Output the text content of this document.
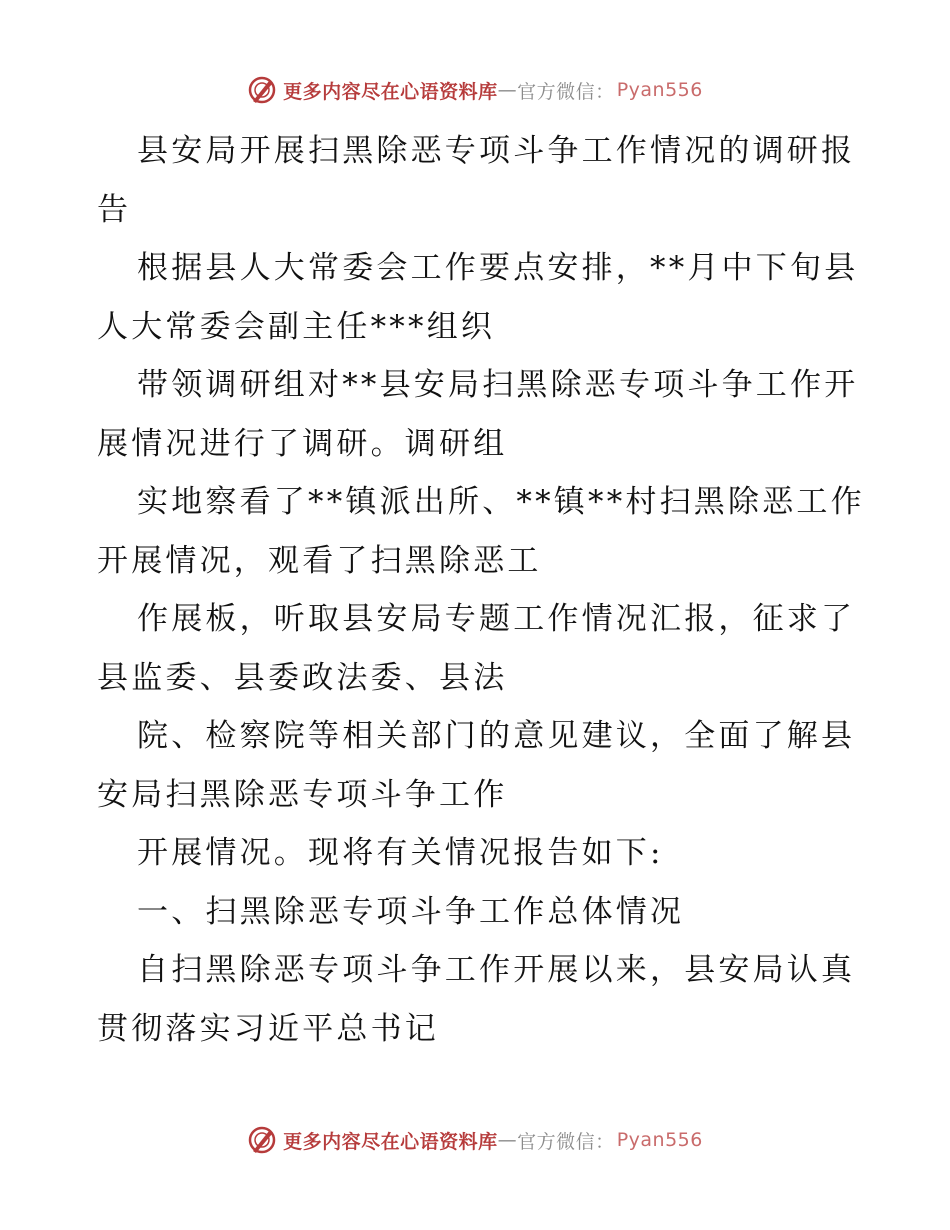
更多内容尽在心语资料库 — 官方微信： Pyan556
县安局开展扫黑除恶专项斗争工作情况的调研报
告
根据县人大常委会工作要点安排，**月中下旬县
人大常委会副主任***组织
带领调研组对**县安局扫黑除恶专项斗争工作开
展情况进行了调研。调研组
实地察看了**镇派出所、**镇**村扫黑除恶工作
开展情况，观看了扫黑除恶工
作展板，听取县安局专题工作情况汇报，征求了
县监委、县委政法委、县法
院、检察院等相关部门的意见建议，全面了解县
安局扫黑除恶专项斗争工作
开展情况。现将有关情况报告如下:
一、扫黑除恶专项斗争工作总体情况
自扫黑除恶专项斗争工作开展以来，县安局认真
贯彻落实习近平总书记
更多内容尽在心语资料库 — 官方微信： Pyan556
